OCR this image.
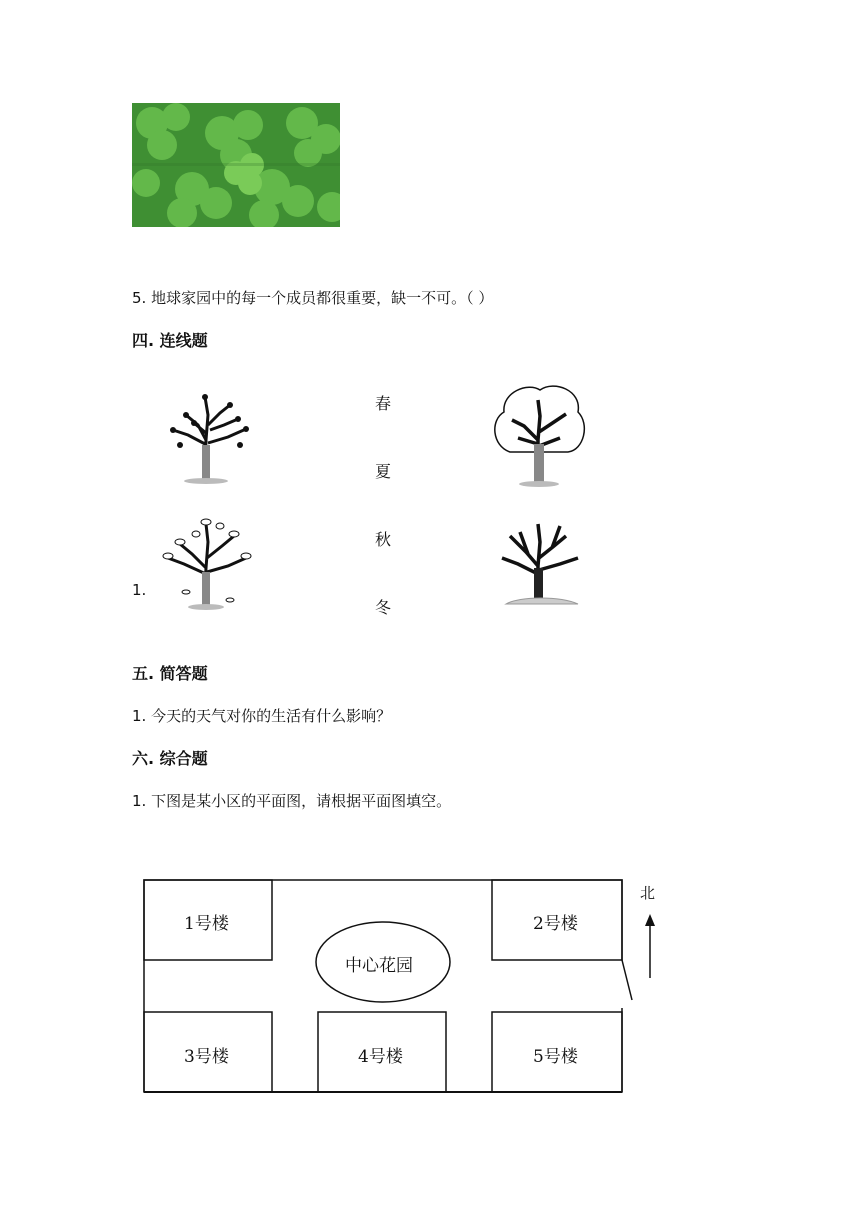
5. 地球家园中的每一个成员都很重要，缺一不可。（ ）
四. 连线题
春
夏
秋
冬
1.
五. 简答题
1. 今天的天气对你的生活有什么影响？
六. 综合题
1. 下图是某小区的平面图，请根据平面图填空。
1号楼	2号楼
3号楼	4号楼	5号楼
中心花园
北
